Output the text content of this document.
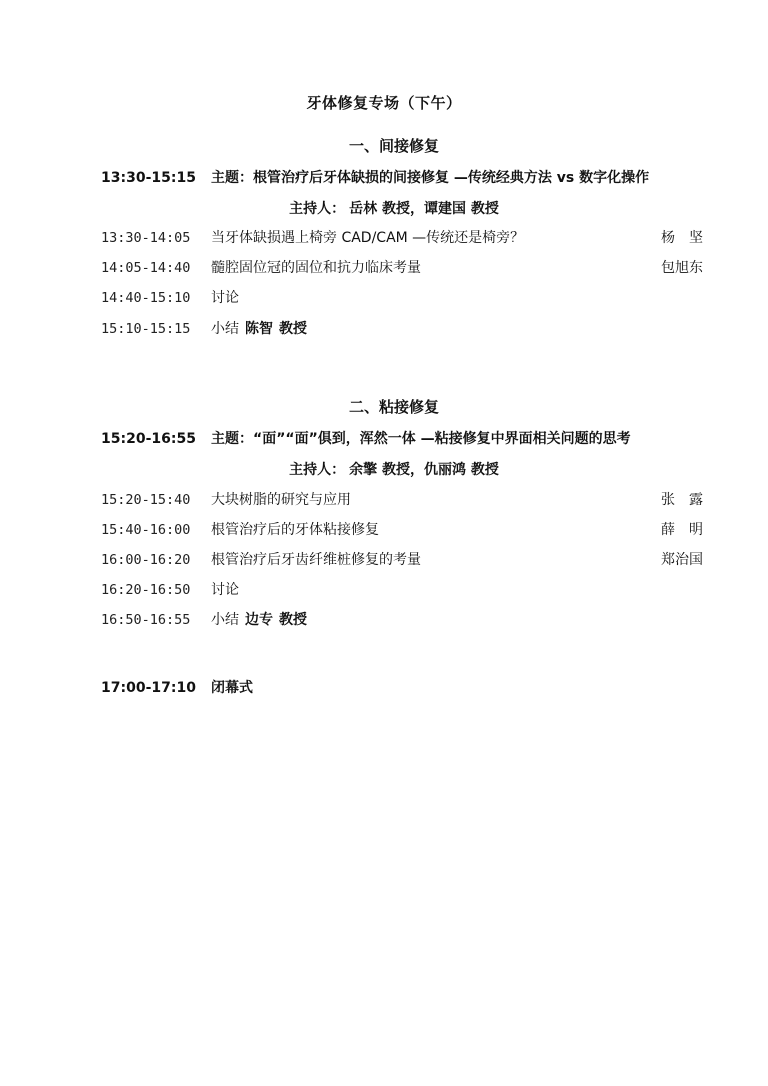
牙体修复专场（下午）
一、间接修复
13:30-15:15 主题：根管治疗后牙体缺损的间接修复 —传统经典方法 vs 数字化操作
主持人： 岳林 教授，谭建国 教授
13:30-14:05 当牙体缺损遇上椅旁 CAD/CAM —传统还是椅旁？	杨　坚
14:05-14:40 髓腔固位冠的固位和抗力临床考量	包旭东
14:40-15:10 讨论
15:10-15:15 小结 陈智 教授
二、粘接修复
15:20-16:55 主题：“面”“面”俱到，浑然一体 —粘接修复中界面相关问题的思考
主持人： 余擎 教授，仇丽鸿 教授
15:20-15:40 大块树脂的研究与应用	张　露
15:40-16:00 根管治疗后的牙体粘接修复	薛　明
16:00-16:20 根管治疗后牙齿纤维桩修复的考量	郑治国
16:20-16:50 讨论
16:50-16:55 小结 边专 教授
17:00-17:10 闭幕式
